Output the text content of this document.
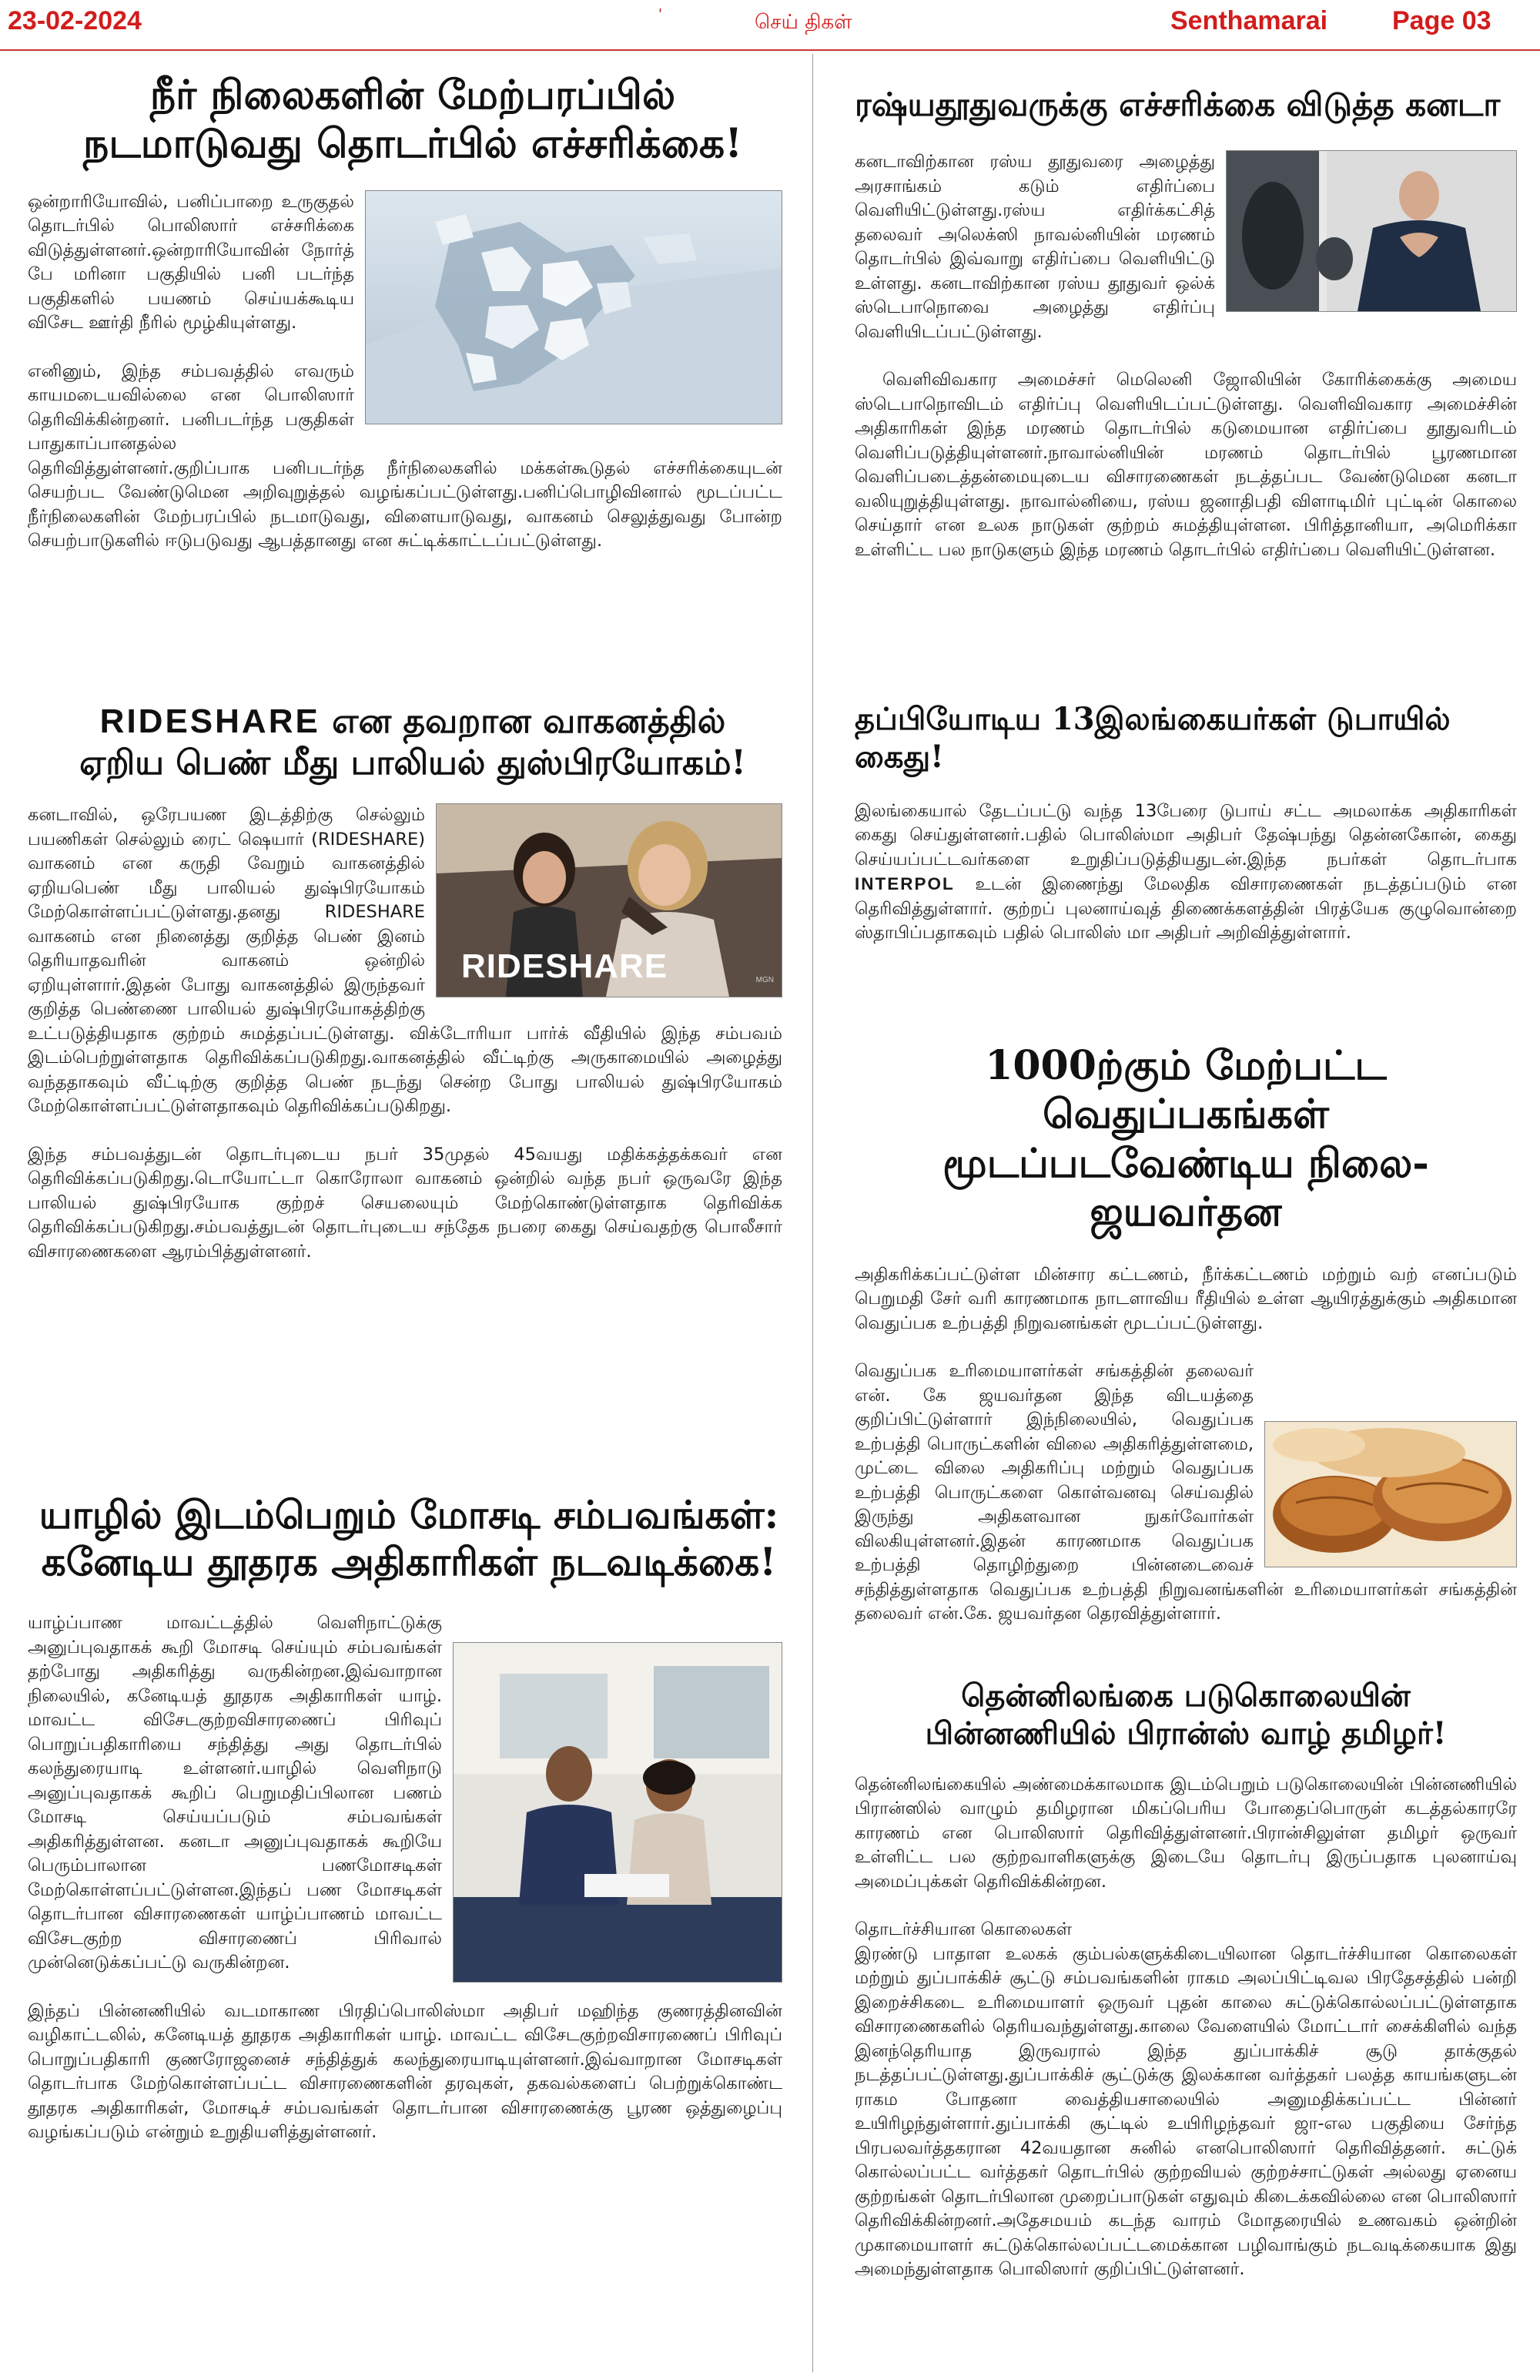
23-02-2024	'	செய் திகள்	Senthamarai Page 03
நீர் நிலைகளின் மேற்பரப்பில்
நடமாடுவது தொடர்பில் எச்சரிக்கை!

ஒன்றாரியோவில், பனிப்பாறை உருகுதல் தொடர்பில் பொலிஸார் எச்சரிக்கை விடுத்துள்ளனர்.ஒன்றாரியோவின் நோர்த் பே மரினா பகுதியில் பனி படர்ந்த பகுதிகளில் பயணம் செய்யக்கூடிய விசேட ஊர்தி நீரில் மூழ்கியுள்ளது.

எனினும், இந்த சம்பவத்தில் எவரும் காயமடையவில்லை என பொலிஸார் தெரிவிக்கின்றனர். பனிபடர்ந்த பகுதிகள் பாதுகாப்பானதல்ல தெரிவித்துள்ளனர்.குறிப்பாக பனிபடர்ந்த நீர்நிலைகளில் மக்கள்கூடுதல் எச்சரிக்கையுடன் செயற்பட வேண்டுமென அறிவுறுத்தல் வழங்கப்பட்டுள்ளது.பனிப்பொழிவினால் மூடப்பட்ட நீர்நிலைகளின் மேற்பரப்பில் நடமாடுவது, விளையாடுவது, வாகனம் செலுத்துவது போன்ற செயற்பாடுகளில் ஈடுபடுவது ஆபத்தானது என சுட்டிக்காட்டப்பட்டுள்ளது.

RIDESHARE என தவறான வாகனத்தில்
ஏறிய பெண் மீது பாலியல் துஸ்பிரயோகம்!
RIDESHARE	MGN

கனடாவில், ஒரேபயண இடத்திற்கு செல்லும் பயணிகள் செல்லும் ரைட் ஷெயார் (RIDESHARE) வாகனம் என கருதி வேறும் வாகனத்தில் ஏறியபெண் மீது பாலியல் துஷ்பிரயோகம் மேற்கொள்ளப்பட்டுள்ளது.தனது RIDESHARE வாகனம் என நினைத்து குறித்த பெண் இனம் தெரியாதவரின் வாகனம் ஒன்றில் ஏறியுள்ளார்.இதன் போது வாகனத்தில் இருந்தவர் குறித்த பெண்ணை பாலியல் துஷ்பிரயோகத்திற்கு உட்படுத்தியதாக குற்றம் சுமத்தப்பட்டுள்ளது. விக்டோரியா பார்க் வீதியில் இந்த சம்பவம் இடம்பெற்றுள்ளதாக தெரிவிக்கப்படுகிறது.வாகனத்தில் வீட்டிற்கு அருகாமையில் அழைத்து வந்ததாகவும் வீட்டிற்கு குறித்த பெண் நடந்து சென்ற போது பாலியல் துஷ்பிரயோகம் மேற்கொள்ளப்பட்டுள்ளதாகவும் தெரிவிக்கப்படுகிறது.

இந்த சம்பவத்துடன் தொடர்புடைய நபர் 35முதல் 45வயது மதிக்கத்தக்கவர் என தெரிவிக்கப்படுகிறது.டொயோட்டா கொரோலா வாகனம் ஒன்றில் வந்த நபர் ஒருவரே இந்த பாலியல் துஷ்பிரயோக குற்றச் செயலையும் மேற்கொண்டுள்ளதாக தெரிவிக்க தெரிவிக்கப்படுகிறது.சம்பவத்துடன் தொடர்புடைய சந்தேக நபரை கைது செய்வதற்கு பொலீசார் விசாரணைகளை ஆரம்பித்துள்ளனர்.

யாழில் இடம்பெறும் மோசடி சம்பவங்கள்:
கனேடிய தூதரக அதிகாரிகள் நடவடிக்கை!

யாழ்ப்பாண மாவட்டத்தில் வெளிநாட்டுக்கு அனுப்புவதாகக் கூறி மோசடி செய்யும் சம்பவங்கள் தற்போது அதிகரித்து வருகின்றன.இவ்வாறான நிலையில், கனேடியத் தூதரக அதிகாரிகள் யாழ். மாவட்ட விசேடகுற்றவிசாரணைப் பிரிவுப் பொறுப்பதிகாரியை சந்தித்து அது தொடர்பில் கலந்துரையாடி உள்ளனர்.யாழில் வெளிநாடு அனுப்புவதாகக் கூறிப் பெறுமதிப்பிலான பணம் மோசடி செய்யப்படும் சம்பவங்கள் அதிகரித்துள்ளன. கனடா அனுப்புவதாகக் கூறியே பெரும்பாலான பணமோசடிகள் மேற்கொள்ளப்பட்டுள்ளன.இந்தப் பண மோசடிகள் தொடர்பான விசாரணைகள் யாழ்ப்பாணம் மாவட்ட விசேடகுற்ற விசாரணைப் பிரிவால் முன்னெடுக்கப்பட்டு வருகின்றன.

இந்தப் பின்னணியில் வடமாகாண பிரதிப்பொலிஸ்மா அதிபர் மஹிந்த குணரத்தினவின் வழிகாட்டலில், கனேடியத் தூதரக அதிகாரிகள் யாழ். மாவட்ட விசேடகுற்றவிசாரணைப் பிரிவுப் பொறுப்பதிகாரி குணரோஜனைச் சந்தித்துக் கலந்துரையாடியுள்ளனர்.இவ்வாறான மோசடிகள் தொடர்பாக மேற்கொள்ளப்பட்ட விசாரணைகளின் தரவுகள், தகவல்களைப் பெற்றுக்கொண்ட தூதரக அதிகாரிகள், மோசடிச் சம்பவங்கள் தொடர்பான விசாரணைக்கு பூரண ஒத்துழைப்பு வழங்கப்படும் என்றும் உறுதியளித்துள்ளனர்.

ரஷ்யதூதுவருக்கு எச்சரிக்கை விடுத்த கனடா

கனடாவிற்கான ரஸ்ய தூதுவரை அழைத்து அரசாங்கம் கடும் எதிர்ப்பை வெளியிட்டுள்ளது.ரஸ்ய எதிர்க்கட்சித் தலைவர் அலெக்ஸி நாவல்னியின் மரணம் தொடர்பில் இவ்வாறு எதிர்ப்பை வெளியிட்டு உள்ளது. கனடாவிற்கான ரஸ்ய தூதுவர் ஒல்க் ஸ்டெபாநொவை அழைத்து எதிர்ப்பு வெளியிடப்பட்டுள்ளது.

வெளிவிவகார அமைச்சர் மெலெனி ஜோலியின் கோரிக்கைக்கு அமைய ஸ்டெபாநொவிடம் எதிர்ப்பு வெளியிடப்பட்டுள்ளது. வெளிவிவகார அமைச்சின் அதிகாரிகள் இந்த மரணம் தொடர்பில் கடுமையான எதிர்ப்பை தூதுவரிடம் வெளிப்படுத்தியுள்ளனர்.நாவால்னியின் மரணம் தொடர்பில் பூரணமான வெளிப்படைத்தன்மையுடைய விசாரணைகள் நடத்தப்பட வேண்டுமென கனடா வலியுறுத்தியுள்ளது. நாவால்னியை, ரஸ்ய ஜனாதிபதி விளாடிமிர் புட்டின் கொலை செய்தார் என உலக நாடுகள் குற்றம் சுமத்தியுள்ளன. பிரித்தானியா, அமெரிக்கா உள்ளிட்ட பல நாடுகளும் இந்த மரணம் தொடர்பில் எதிர்ப்பை வெளியிட்டுள்ளன.

தப்பியோடிய 13இலங்கையர்கள் டுபாயில் கைது!

இலங்கையால் தேடப்பட்டு வந்த 13பேரை டுபாய் சட்ட அமலாக்க அதிகாரிகள் கைது செய்துள்ளனர்.பதில் பொலிஸ்மா அதிபர் தேஷ்பந்து தென்னகோன், கைது செய்யப்பட்டவர்களை உறுதிப்படுத்தியதுடன்.இந்த நபர்கள் தொடர்பாக INTERPOL உடன் இணைந்து மேலதிக விசாரணைகள் நடத்தப்படும் என தெரிவித்துள்ளார். குற்றப் புலனாய்வுத் திணைக்களத்தின் பிரத்யேக குழுவொன்றை ஸ்தாபிப்பதாகவும் பதில் பொலிஸ் மா அதிபர் அறிவித்துள்ளார்.

1000ற்கும் மேற்பட்ட வெதுப்பகங்கள்
மூடப்படவேண்டிய நிலை- ஜயவர்தன

அதிகரிக்கப்பட்டுள்ள மின்சார கட்டணம், நீர்க்கட்டணம் மற்றும் வற் எனப்படும் பெறுமதி சேர் வரி காரணமாக நாடளாவிய ரீதியில் உள்ள ஆயிரத்துக்கும் அதிகமான வெதுப்பக உற்பத்தி நிறுவனங்கள் மூடப்பட்டுள்ளது.

வெதுப்பக உரிமையாளர்கள் சங்கத்தின் தலைவர் என். கே ஜயவர்தன இந்த விடயத்தை குறிப்பிட்டுள்ளார் இந்நிலையில், வெதுப்பக உற்பத்தி பொருட்களின் விலை அதிகரித்துள்ளமை, முட்டை விலை அதிகரிப்பு மற்றும் வெதுப்பக உற்பத்தி பொருட்களை கொள்வனவு செய்வதில் இருந்து அதிகளவான நுகர்வோர்கள் விலகியுள்ளனர்.இதன் காரணமாக வெதுப்பக உற்பத்தி தொழிற்துறை பின்னடைவைச் சந்தித்துள்ளதாக வெதுப்பக உற்பத்தி நிறுவனங்களின் உரிமையாளர்கள் சங்கத்தின் தலைவர் என்.கே. ஜயவர்தன தெரவித்துள்ளார்.

தென்னிலங்கை படுகொலையின்
பின்னணியில் பிரான்ஸ் வாழ் தமிழர்!

தென்னிலங்கையில் அண்மைக்காலமாக இடம்பெறும் படுகொலையின் பின்னணியில் பிரான்ஸில் வாழும் தமிழரான மிகப்பெரிய போதைப்பொருள் கடத்தல்காரரே காரணம் என பொலிஸார் தெரிவித்துள்ளனர்.பிரான்சிலுள்ள தமிழர் ஒருவர் உள்ளிட்ட பல குற்றவாளிகளுக்கு இடையே தொடர்பு இருப்பதாக புலனாய்வு அமைப்புக்கள் தெரிவிக்கின்றன.

தொடர்ச்சியான கொலைகள்

இரண்டு பாதாள உலகக் கும்பல்களுக்கிடையிலான தொடர்ச்சியான கொலைகள் மற்றும் துப்பாக்கிச் சூட்டு சம்பவங்களின் ராகம அலப்பிட்டிவல பிரதேசத்தில் பன்றி இறைச்சிகடை உரிமையாளர் ஒருவர் புதன் காலை சுட்டுக்கொல்லப்பட்டுள்ளதாக விசாரணைகளில் தெரியவந்துள்ளது.காலை வேளையில் மோட்டார் சைக்கிளில் வந்த இனந்தெரியாத இருவரால் இந்த துப்பாக்கிச் சூடு தாக்குதல் நடத்தப்பட்டுள்ளது.துப்பாக்கிச் சூட்டுக்கு இலக்கான வர்த்தகர் பலத்த காயங்களுடன் ராகம போதனா வைத்தியசாலையில் அனுமதிக்கப்பட்ட பின்னர் உயிரிழந்துள்ளார்.துப்பாக்கி சூட்டில் உயிரிழந்தவர் ஜா-எல பகுதியை சேர்ந்த பிரபலவர்த்தகரான 42வயதான சுனில் எனபொலிஸார் தெரிவித்தனர். சுட்டுக் கொல்லப்பட்ட வர்த்தகர் தொடர்பில் குற்றவியல் குற்றச்சாட்டுகள் அல்லது ஏனைய குற்றங்கள் தொடர்பிலான முறைப்பாடுகள் எதுவும் கிடைக்கவில்லை என பொலிஸார் தெரிவிக்கின்றனர்.அதேசமயம் கடந்த வாரம் மோதரையில் உணவகம் ஒன்றின் முகாமையாளர் சுட்டுக்கொல்லப்பட்டமைக்கான பழிவாங்கும் நடவடிக்கையாக இது அமைந்துள்ளதாக பொலிஸார் குறிப்பிட்டுள்ளனர்.
